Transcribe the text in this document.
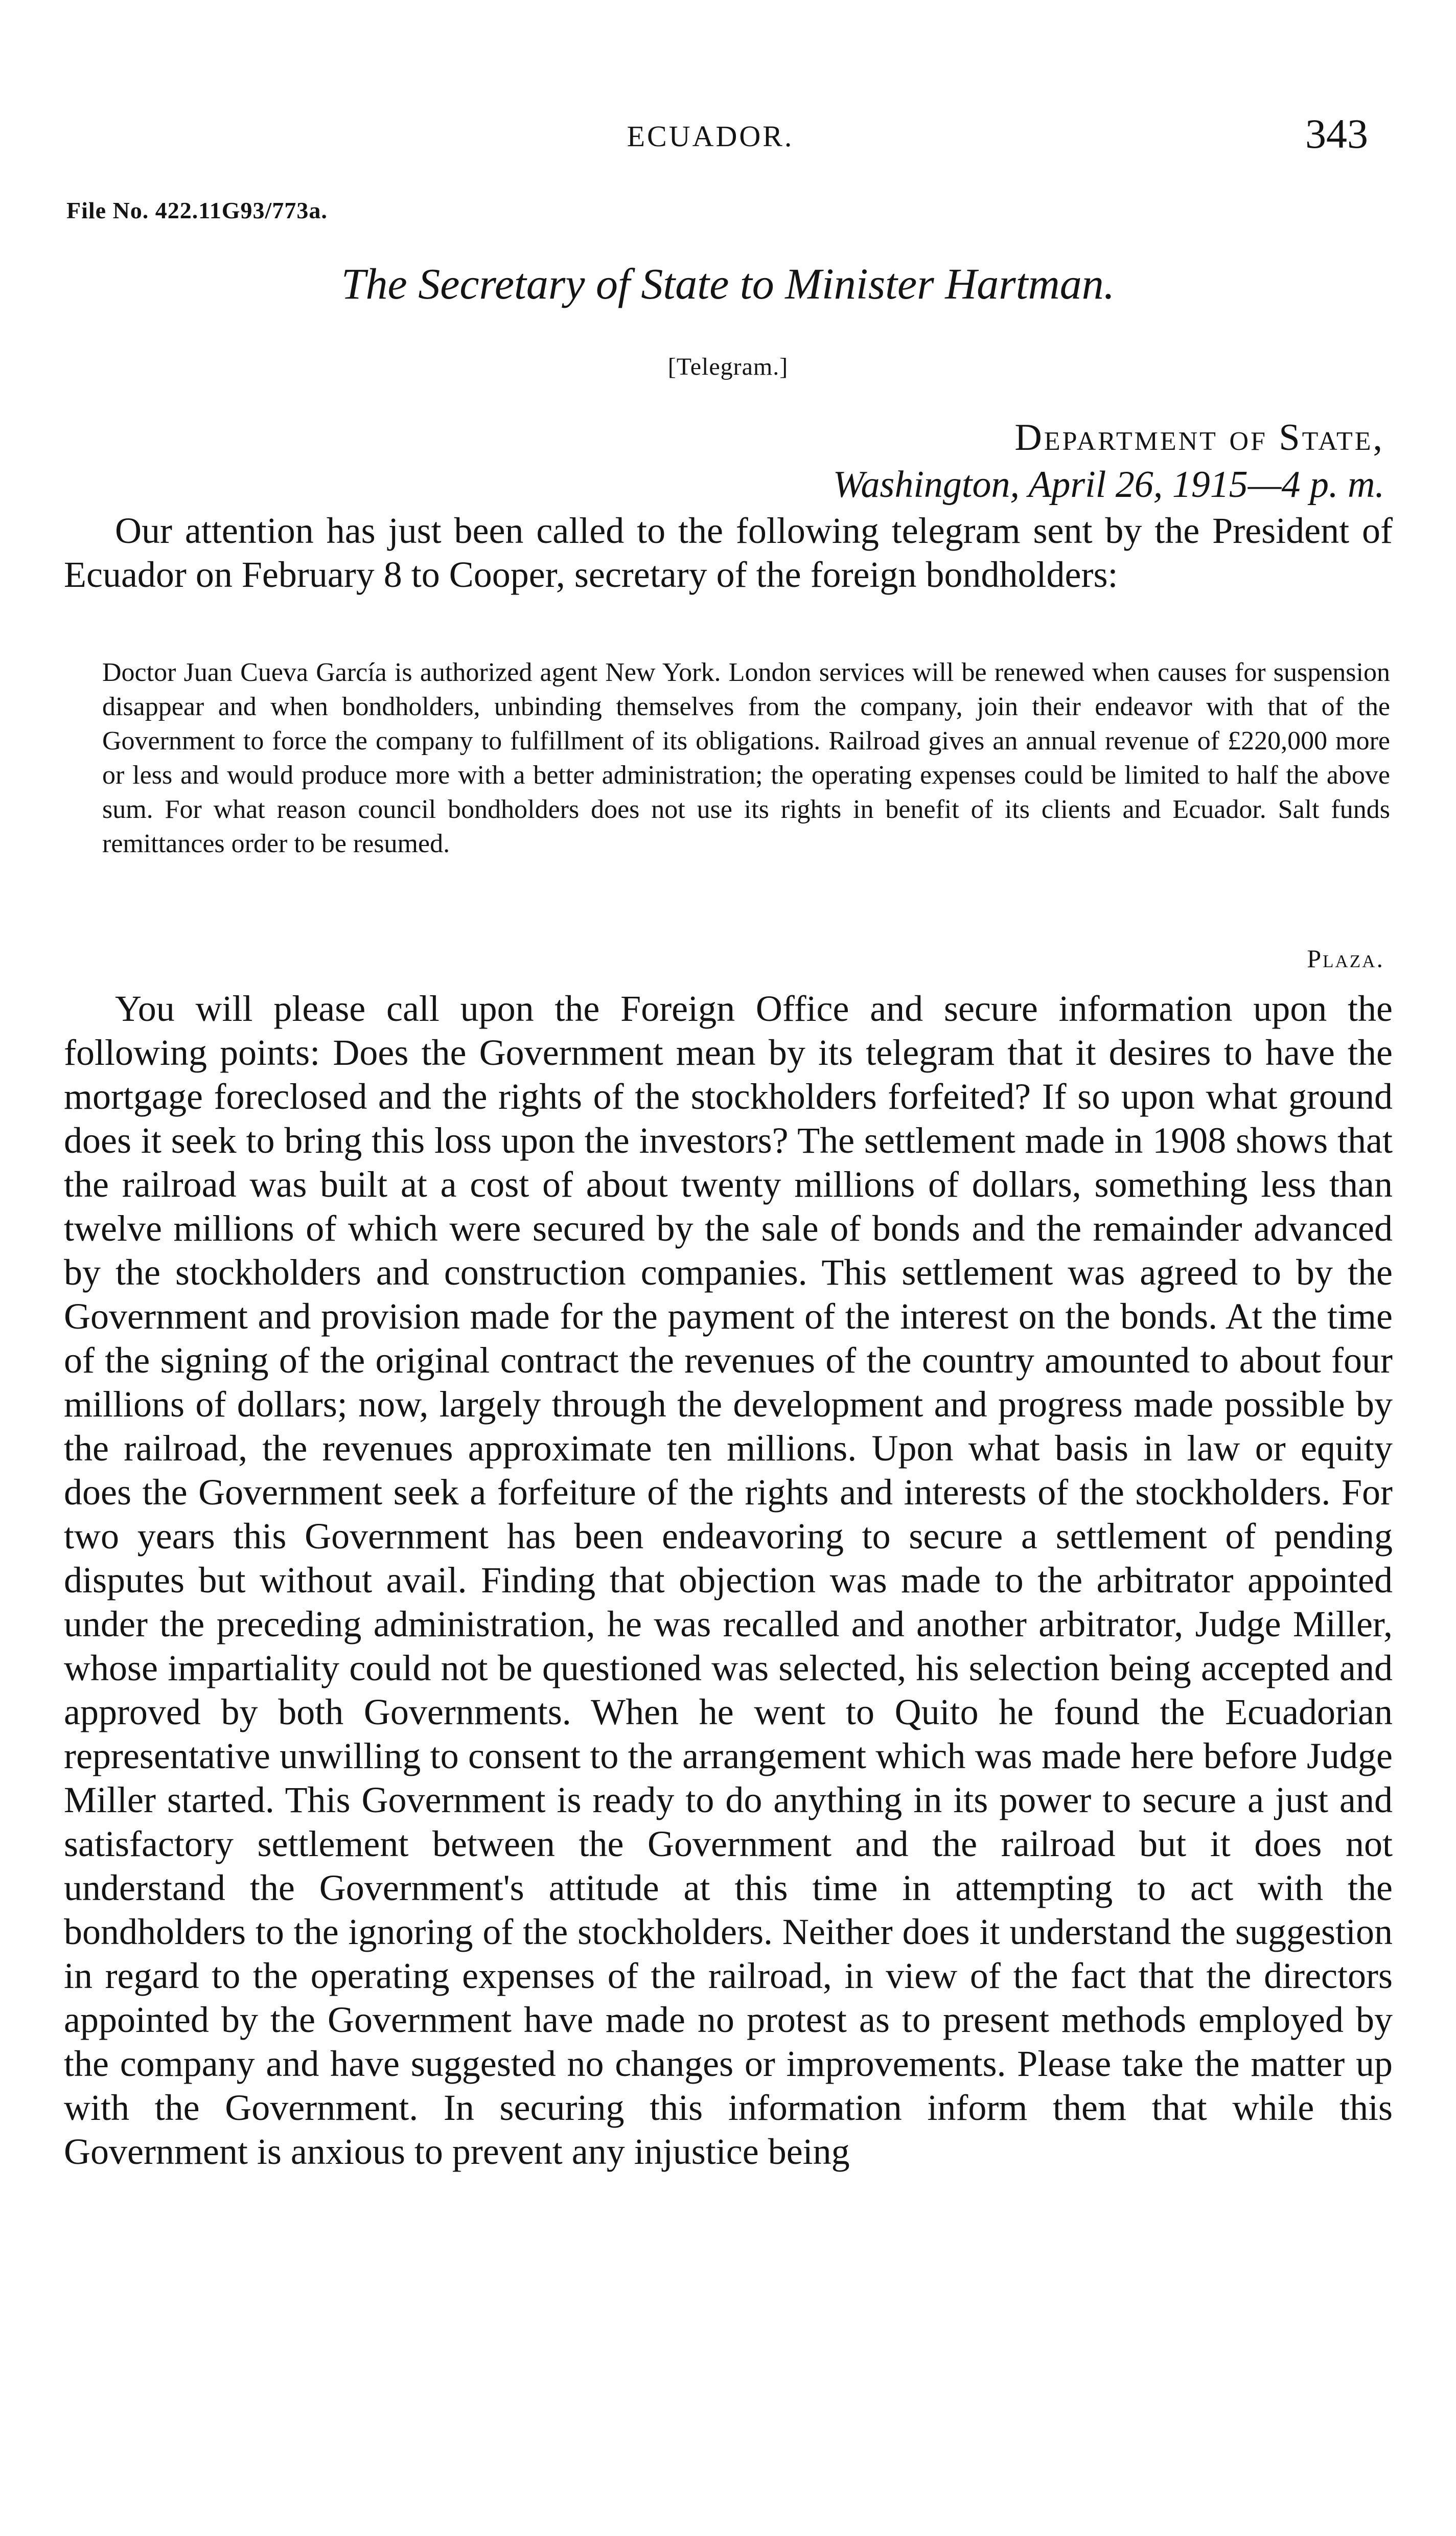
ECUADOR.	343
File No. 422.11G93/773a.
The Secretary of State to Minister Hartman.
[Telegram.]
Department of State,
Washington, April 26, 1915—4 p. m.

Our attention has just been called to the following telegram sent by the President of Ecuador on February 8 to Cooper, secretary of the foreign bondholders:

Doctor Juan Cueva García is authorized agent New York. London services will be renewed when causes for suspension disappear and when bondholders, unbinding themselves from the company, join their endeavor with that of the Government to force the company to fulfillment of its obligations. Railroad gives an annual revenue of £220,000 more or less and would produce more with a better administration; the operating expenses could be limited to half the above sum. For what reason council bondholders does not use its rights in benefit of its clients and Ecuador. Salt funds remittances order to be resumed.

Plaza.

You will please call upon the Foreign Office and secure information upon the following points: Does the Government mean by its telegram that it desires to have the mortgage foreclosed and the rights of the stockholders forfeited? If so upon what ground does it seek to bring this loss upon the investors? The settlement made in 1908 shows that the railroad was built at a cost of about twenty millions of dollars, something less than twelve millions of which were secured by the sale of bonds and the remainder advanced by the stockholders and construction companies. This settlement was agreed to by the Government and provision made for the payment of the interest on the bonds. At the time of the signing of the original contract the revenues of the country amounted to about four millions of dollars; now, largely through the development and progress made possible by the railroad, the revenues approximate ten millions. Upon what basis in law or equity does the Government seek a forfeiture of the rights and interests of the stockholders. For two years this Government has been endeavoring to secure a settlement of pending disputes but without avail. Finding that objection was made to the arbitrator appointed under the preceding administration, he was recalled and another arbitrator, Judge Miller, whose impartiality could not be questioned was selected, his selection being accepted and approved by both Governments. When he went to Quito he found the Ecuadorian representative unwilling to consent to the arrangement which was made here before Judge Miller started. This Government is ready to do anything in its power to secure a just and satisfactory settlement between the Government and the railroad but it does not understand the Government's attitude at this time in attempting to act with the bondholders to the ignoring of the stockholders. Neither does it understand the suggestion in regard to the operating expenses of the railroad, in view of the fact that the directors appointed by the Government have made no protest as to present methods employed by the company and have suggested no changes or improvements. Please take the matter up with the Government. In securing this information inform them that while this Government is anxious to prevent any injustice being
